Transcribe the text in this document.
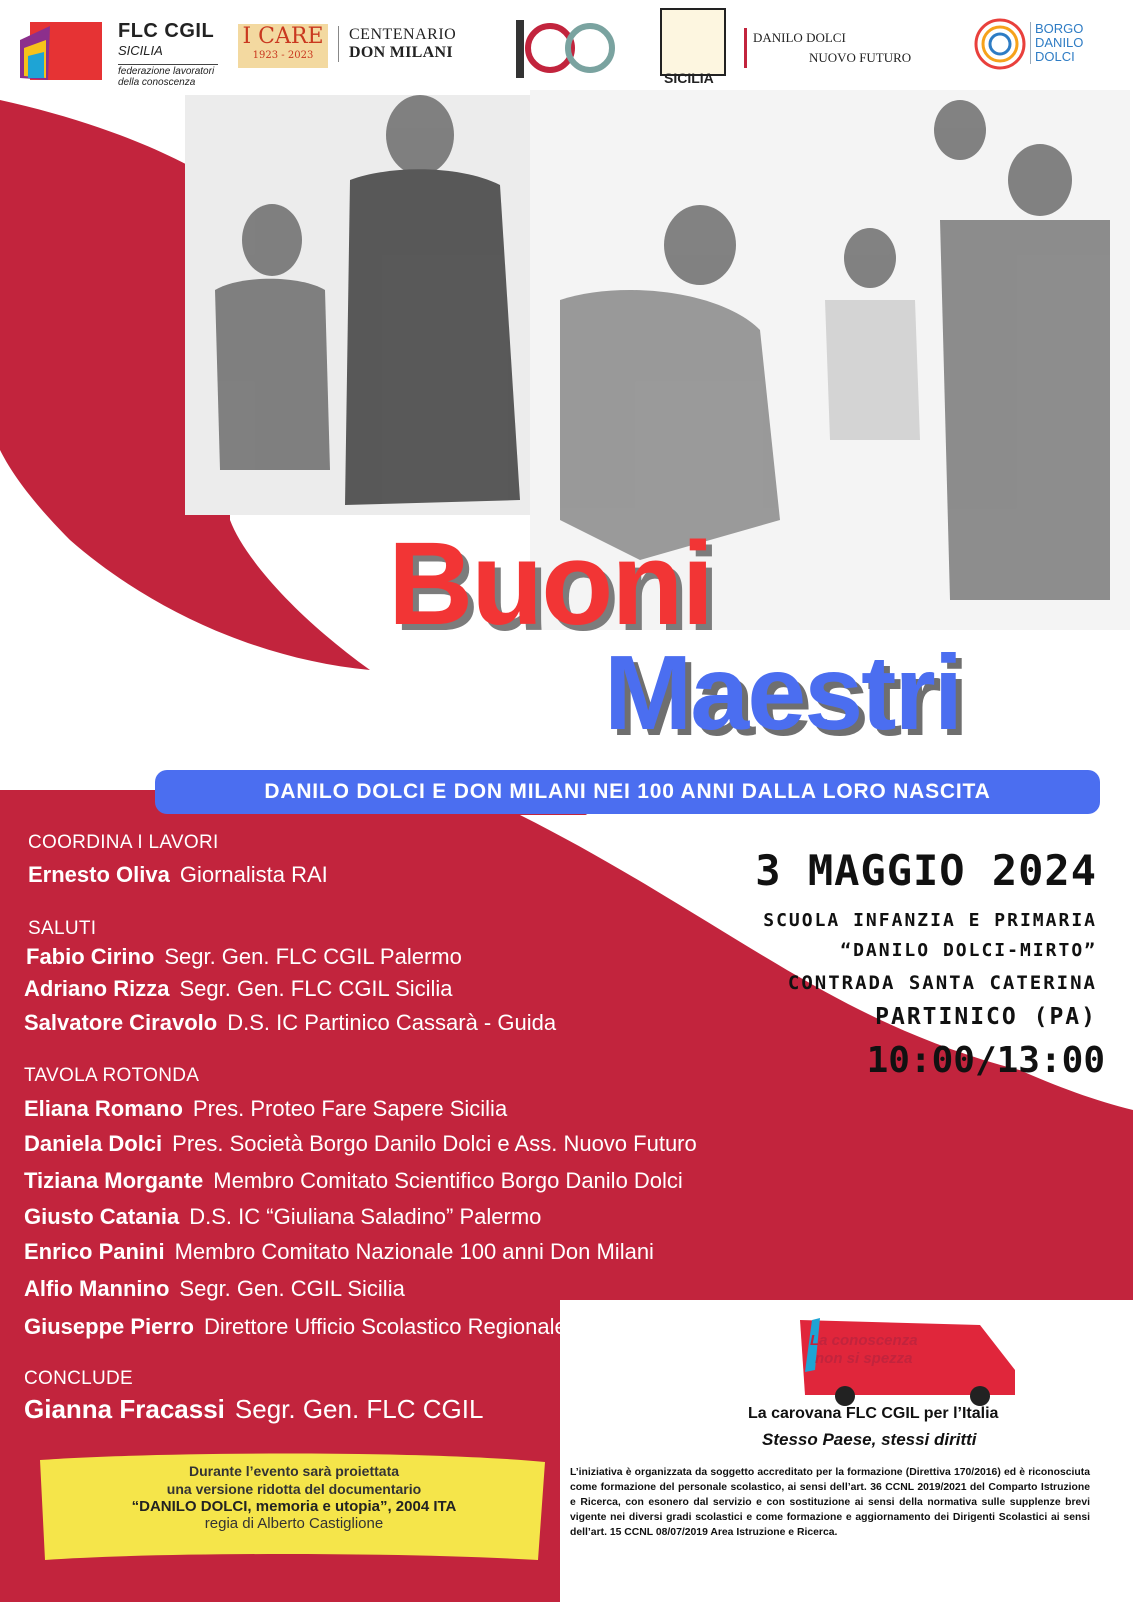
FLC CGIL
SICILIA
federazione lavoratori della conoscenza
I CARE
1923 - 2023
CENTENARIO
DON MILANI
SICILIA
DANILO DOLCI
NUOVO FUTURO
BORGO
DANILO
DOLCI
Buoni
Maestri
DANILO DOLCI E DON MILANI NEI 100 ANNI DALLA LORO NASCITA
COORDINA I LAVORI
Ernesto Oliva Giornalista RAI
SALUTI
Fabio Cirino Segr. Gen. FLC CGIL Palermo
Adriano Rizza Segr. Gen. FLC CGIL Sicilia
Salvatore Ciravolo D.S. IC Partinico Cassarà - Guida
TAVOLA ROTONDA
Eliana Romano Pres. Proteo Fare Sapere Sicilia
Daniela Dolci Pres. Società Borgo Danilo Dolci e Ass. Nuovo Futuro
Tiziana Morgante Membro Comitato Scientifico Borgo Danilo Dolci
Giusto Catania D.S. IC “Giuliana Saladino” Palermo
Enrico Panini Membro Comitato Nazionale 100 anni Don Milani
Alfio Mannino Segr. Gen. CGIL Sicilia
Giuseppe Pierro Direttore Ufficio Scolastico Regionale
CONCLUDE
Gianna Fracassi Segr. Gen. FLC CGIL
3 MAGGIO 2024
SCUOLA INFANZIA E PRIMARIA
“DANILO DOLCI-MIRTO”
CONTRADA SANTA CATERINA
PARTINICO (PA)
10:00/13:00
La conoscenza
non si spezza
La carovana FLC CGIL per l’Italia
Stesso Paese, stessi diritti
Durante l’evento sarà proiettata
una versione ridotta del documentario
“DANILO DOLCI, memoria e utopia”, 2004 ITA
regia di Alberto Castiglione
L’iniziativa è organizzata da soggetto accreditato per la formazione (Direttiva 170/2016) ed è riconosciuta come formazione del personale scolastico, ai sensi dell’art. 36 CCNL 2019/2021 del Comparto Istruzione e Ricerca, con esonero dal servizio e con sostituzione ai sensi della normativa sulle supplenze brevi vigente nei diversi gradi scolastici e come formazione e aggiornamento dei Dirigenti Scolastici ai sensi dell’art. 15 CCNL 08/07/2019 Area Istruzione e Ricerca.
